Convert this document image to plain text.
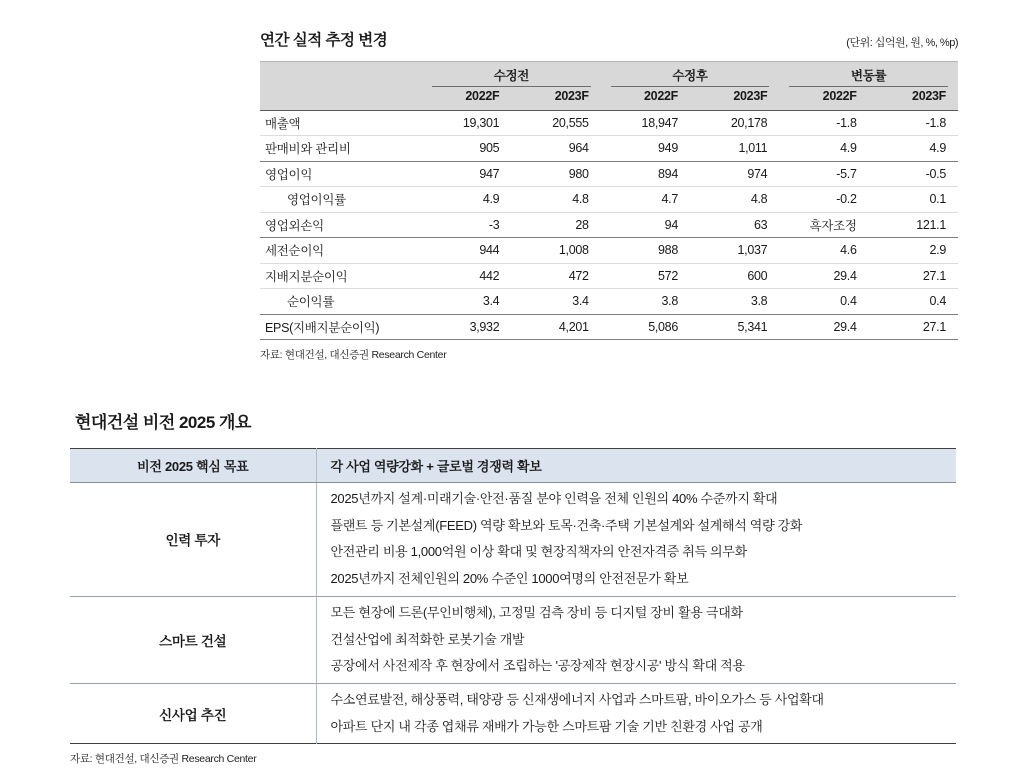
연간 실적 추정 변경	(단위: 십억원, 원, %, %p)

	수정전		수정후		변동률	

	2022F	2023F	2022F	2023F	2022F	2023F
매출액	19,301	20,555	18,947	20,178	-1.8	-1.8
판매비와 관리비	905	964	949	1,011	4.9	4.9
영업이익	947	980	894	974	-5.7	-0.5
영업이익률	4.9	4.8	4.7	4.8	-0.2	0.1
영업외손익	-3	28	94	63	흑자조정	121.1
세전순이익	944	1,008	988	1,037	4.6	2.9
지배지분순이익	442	472	572	600	29.4	27.1
순이익률	3.4	3.4	3.8	3.8	0.4	0.4
EPS(지배지분순이익)	3,932	4,201	5,086	5,341	29.4	27.1

자료: 현대건설, 대신증권 Research Center

현대건설 비전 2025 개요
비전 2025 핵심 목표	각 사업 역량강화 + 글로벌 경쟁력 확보
인력 투자	2025년까지 설계·미래기술·안전·품질 분야 인력을 전체 인원의 40% 수준까지 확대
플랜트 등 기본설계(FEED) 역량 확보와 토목·건축·주택 기본설계와 설계해석 역량 강화
안전관리 비용 1,000억원 이상 확대 및 현장직책자의 안전자격증 취득 의무화
2025년까지 전체인원의 20% 수준인 1000여명의 안전전문가 확보

스마트 건설	모든 현장에 드론(무인비행체), 고정밀 검측 장비 등 디지털 장비 활용 극대화
건설산업에 최적화한 로봇기술 개발
공장에서 사전제작 후 현장에서 조립하는 '공장제작 현장시공' 방식 확대 적용

신사업 추진	수소연료발전, 해상풍력, 태양광 등 신재생에너지 사업과 스마트팜, 바이오가스 등 사업확대
아파트 단지 내 각종 엽채류 재배가 가능한 스마트팜 기술 기반 친환경 사업 공개

자료: 현대건설, 대신증권 Research Center
